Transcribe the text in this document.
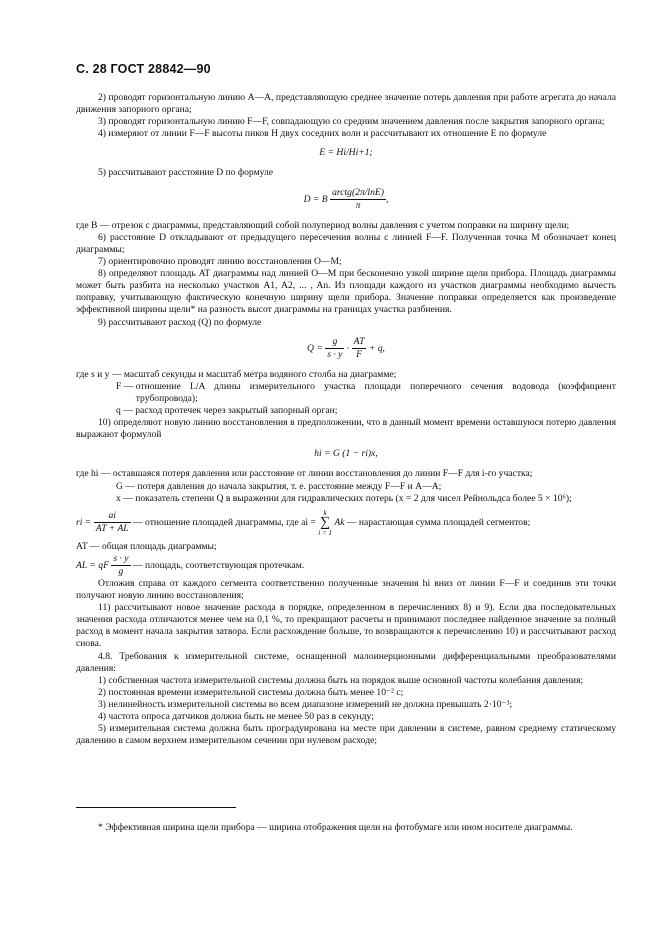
С. 28 ГОСТ 28842—90

2) проводят горизонтальную линию A—A, представляющую среднее значение потерь давления при работе агрегата до начала движения запорного органа;

3) проводят горизонтальную линию F—F, совпадающую со средним значением давления после закрытия запорного органа;

4) измеряют от линии F—F высоты пиков H двух соседних волн и рассчитывают их отношение E по формуле

E = Hi/Hi+1;

5) рассчитывают расстояние D по формуле

D = B $\frac{\text{arctg(2π/lnE)}}{\pi}$ ,
где B —
отрезок с диаграммы, представляющий собой полупериод волны давления с учетом поправки на ширину щели;

6) расстояние D откладывают от предыдущего пересечения волны с линией F—F. Полученная точка M обозначает конец диаграммы;

7) ориентировочно проводят линию восстановления O—M;

8) определяют площадь AT диаграммы над линией O—M при бесконечно узкой ширине щели прибора. Площадь диаграммы может быть разбита на несколько участков A1, A2, ... , An. Из площади каждого из участков диаграммы необходимо вычесть поправку, учитывающую фактическую конечную ширину щели прибора. Значение поправки определяется как произведение эффективной ширины щели* на разность высот диаграммы на границах участка разбиения.

9) рассчитывают расход (Q) по формуле

$Q = \frac{g}{s \cdot y} \cdot \frac{AT}{F} + q$,

где s и y — масштаб секунды и масштаб метра водяного столба на диаграмме;

F —
отношение L/A длины измерительного участка площади поперечного сечения водовода (коэффициент трубопровода);

q — расход протечек через закрытый запорный орган;

10) определяют новую линию восстановления в предположении, что в данный момент времени оставшуюся потерю давления выражают формулой

hi = G (1 − ri)x,

где hi —
оставшаяся потеря давления или расстояние от линии восстановления до линии F—F для i-го участка;

G — потеря давления до начала закрытия, т. е. расстояние между F—F и A—A;

x —
показатель степени Q в выражении для гидравлических потерь (x = 2 для чисел Рейнольдса более 5 × 10⁶);
ri = $\frac{ai}{AT + AL}$ — отношение площадей диаграммы, где ai =
k
∑
i = 1
Ak — нарастающая сумма площадей сегментов;

AT — общая площадь диаграммы;

AL = qF $\frac{s \cdot y}{g}$ — площадь, соответствующая протечкам.

Отложив справа от каждого сегмента соответственно полученные значения hi вниз от линии F—F и соединив эти точки получают новую линию восстановления;

11) рассчитывают новое значение расхода в порядке, определенном в перечислениях 8) и 9). Если два последовательных значения расхода отличаются менее чем на 0,1 %, то прекращают расчеты и принимают последнее найденное значение за полный расход в момент начала закрытия затвора. Если расхождение больше, то возвращаются к перечислению 10) и рассчитывают расход снова.

4.8. Требования к измерительной системе, оснащенной малоинерционными дифференциальными преобразователями давления:

1) собственная частота измерительной системы должна быть на порядок выше основной частоты колебания давления;

2) постоянная времени измерительной системы должна быть менее 10⁻² с;

3) нелинейность измерительной системы во всем диапазоне измерений не должна превышать 2·10⁻³;

4) частота опроса датчиков должна быть не менее 50 раз в секунду;

5) измерительная система должна быть проградуирована на месте при давлении в системе, равном среднему статическому давлению в самом верхнем измерительном сечении при нулевом расходе;

* Эффективная ширина щели прибора — ширина отображения щели на фотобумаге или ином носителе диаграммы.
